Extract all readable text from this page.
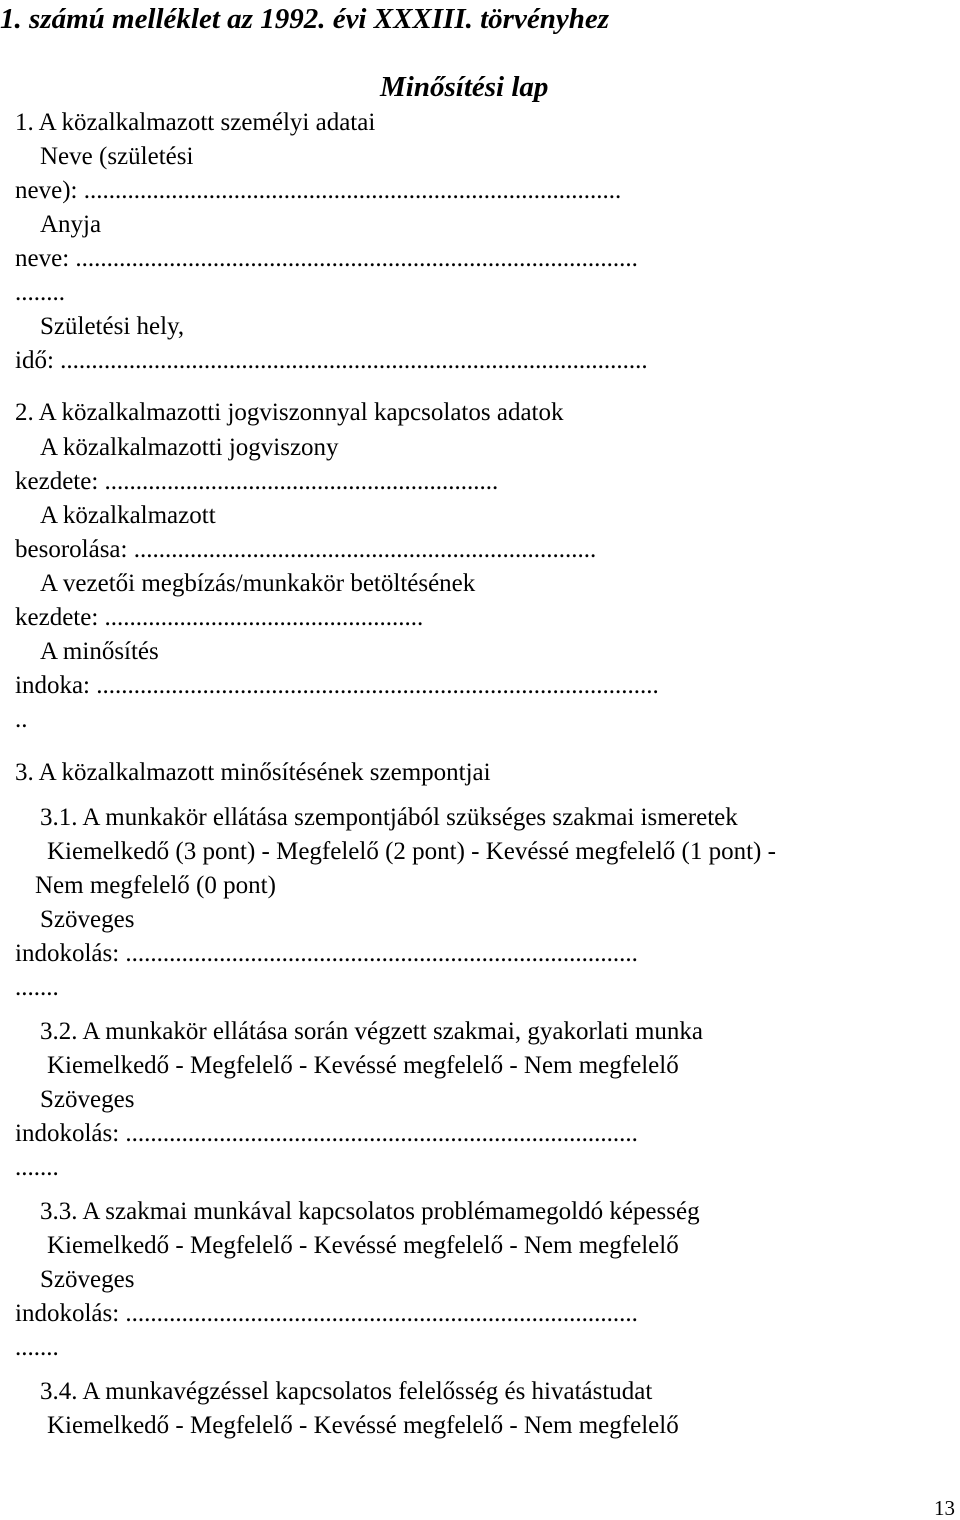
1. számú melléklet az 1992. évi XXXIII. törvényhez
Minősítési lap
1. A közalkalmazott személyi adatai
Neve (születési
neve): ......................................................................................
Anyja
neve: ..........................................................................................
........
Születési hely,
idő: ..............................................................................................
2. A közalkalmazotti jogviszonnyal kapcsolatos adatok
A közalkalmazotti jogviszony
kezdete: ...............................................................
A közalkalmazott
besorolása: ..........................................................................
A vezetői megbízás/munkakör betöltésének
kezdete: ...................................................
A minősítés
indoka: ..........................................................................................
..
3. A közalkalmazott minősítésének szempontjai
3.1. A munkakör ellátása szempontjából szükséges szakmai ismeretek
Kiemelkedő (3 pont) - Megfelelő (2 pont) - Kevéssé megfelelő (1 pont) -
Nem megfelelő (0 pont)
Szöveges
indokolás: ..................................................................................
.......
3.2. A munkakör ellátása során végzett szakmai, gyakorlati munka
Kiemelkedő - Megfelelő - Kevéssé megfelelő - Nem megfelelő
Szöveges
indokolás: ..................................................................................
.......
3.3. A szakmai munkával kapcsolatos problémamegoldó képesség
Kiemelkedő - Megfelelő - Kevéssé megfelelő - Nem megfelelő
Szöveges
indokolás: ..................................................................................
.......
3.4. A munkavégzéssel kapcsolatos felelősség és hivatástudat
Kiemelkedő - Megfelelő - Kevéssé megfelelő - Nem megfelelő
13
